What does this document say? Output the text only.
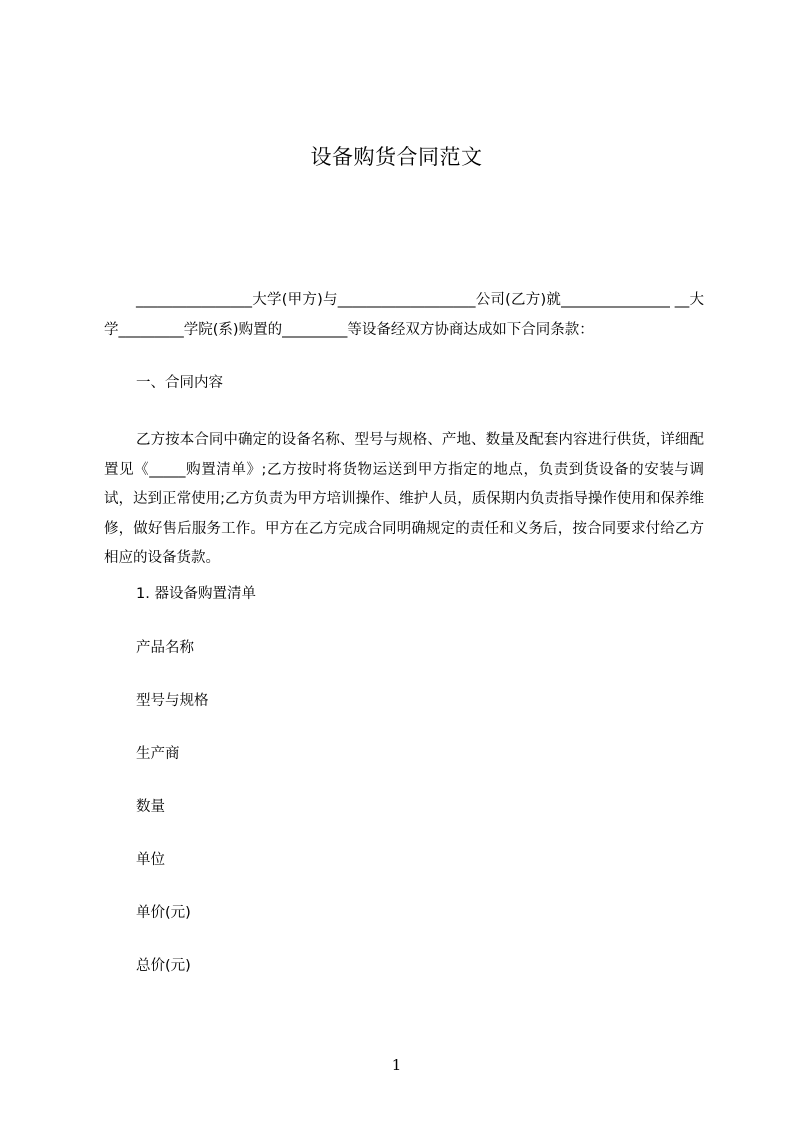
设备购货合同范文

________________大学(甲方)与___________________公司(乙方)就_______________ __大学_________学院(系)购置的_________等设备经双方协商达成如下合同条款：

一、合同内容

乙方按本合同中确定的设备名称、型号与规格、产地、数量及配套内容进行供货，详细配置见《_____购置清单》;乙方按时将货物运送到甲方指定的地点，负责到货设备的安装与调试，达到正常使用;乙方负责为甲方培训操作、维护人员，质保期内负责指导操作使用和保养维修，做好售后服务工作。甲方在乙方完成合同明确规定的责任和义务后，按合同要求付给乙方相应的设备货款。

1. 器设备购置清单

产品名称

型号与规格

生产商

数量

单位

单价(元)

总价(元)

1
